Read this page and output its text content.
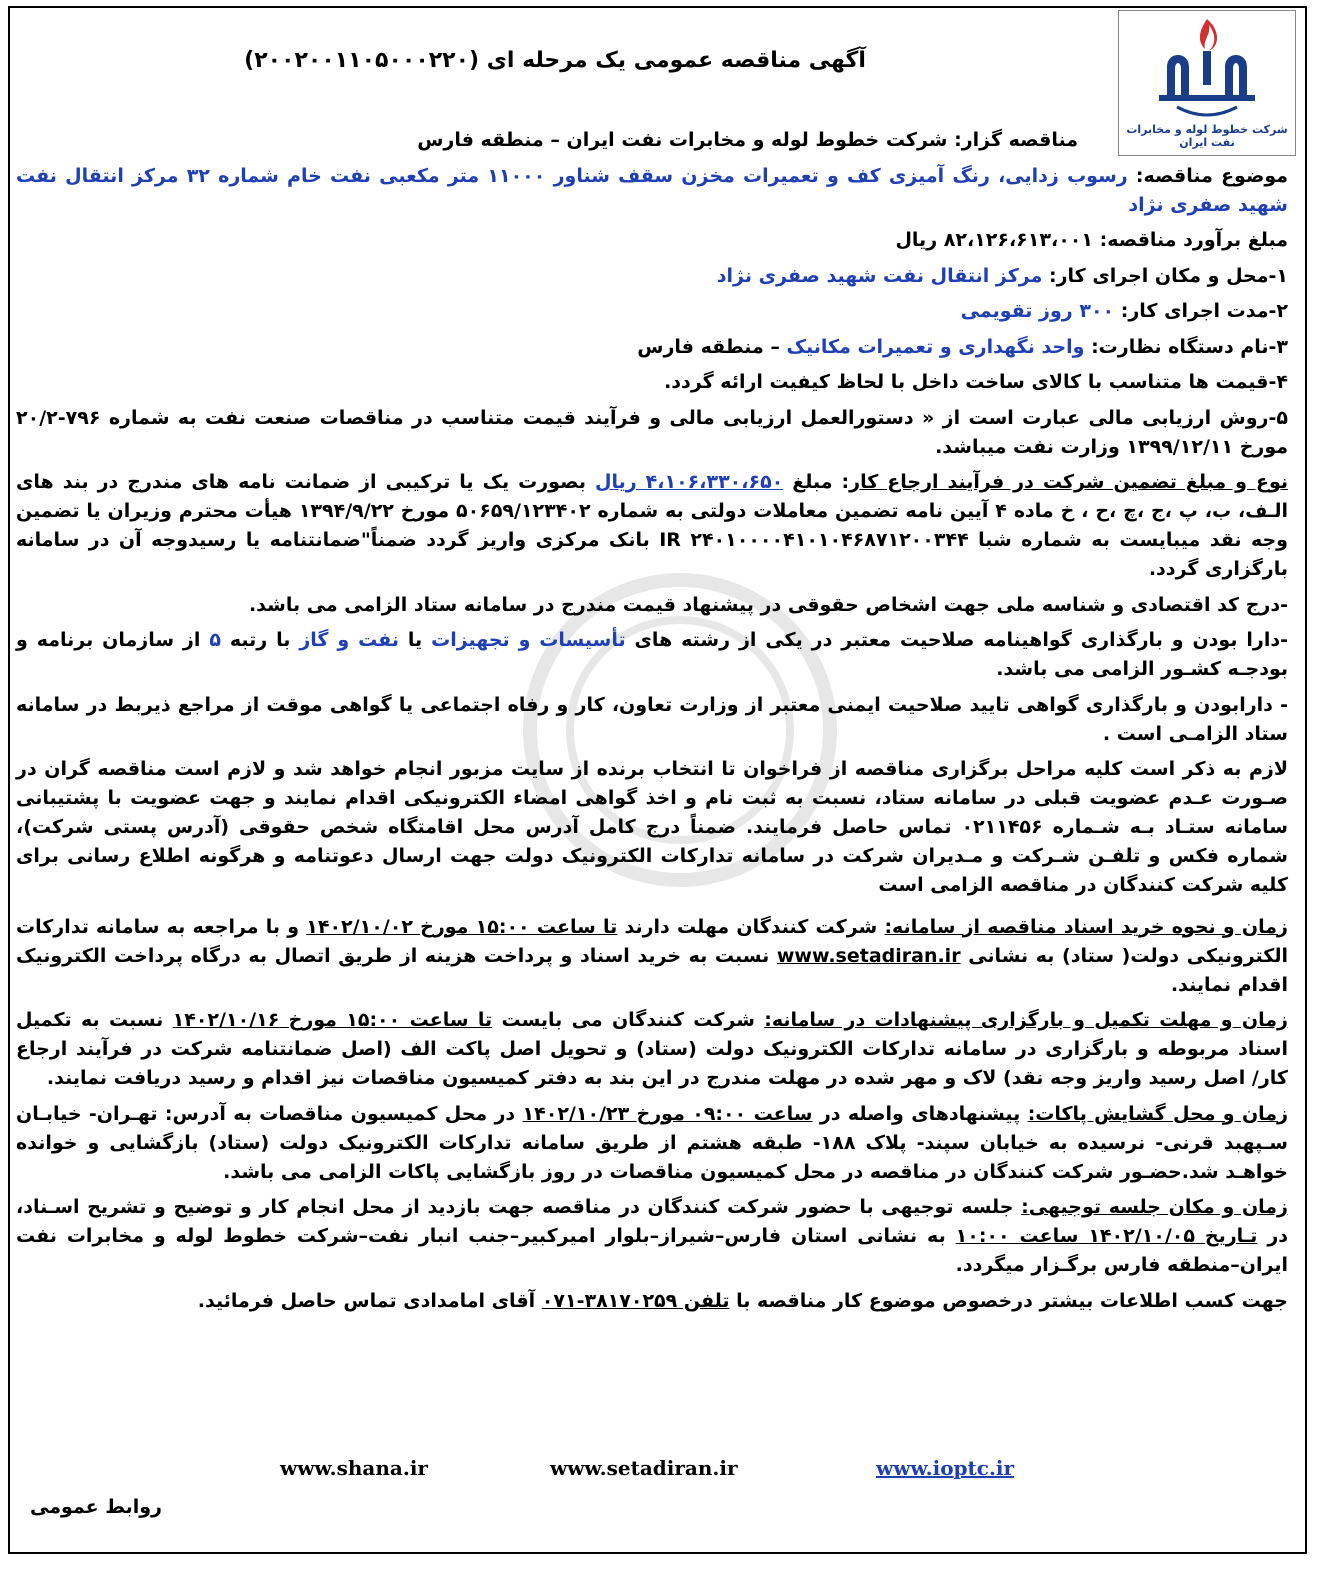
شرکت خطوط لوله و مخابرات نفت ایران
آگهی مناقصه عمومی یک مرحله ای (۲۰۰۲۰۰۱۱۰۵۰۰۰۲۲۰)

مناقصه گزار: شرکت خطوط لوله و مخابرات نفت ایران – منطقه فارس

موضوع مناقصه: رسوب زدایی، رنگ آمیزی کف و تعمیرات مخزن سقف شناور ۱۱۰۰۰ متر مکعبی نفت خام شماره ۳۲ مرکز انتقال نفت شهید صفری نژاد

مبلغ برآورد مناقصه: ۸۲،۱۲۶،۶۱۳،۰۰۱ ریال

۱-محل و مکان اجرای کار: مرکز انتقال نفت شهید صفری نژاد

۲-مدت اجرای کار: ۳۰۰ روز تقویمی

۳-نام دستگاه نظارت: واحد نگهداری و تعمیرات مکانیک – منطقه فارس

۴-قیمت ها متناسب با کالای ساخت داخل با لحاظ کیفیت ارائه گردد.

۵-روش ارزیابی مالی عبارت است از « دستورالعمل ارزیابی مالی و فرآیند قیمت متناسب در مناقصات صنعت نفت به شماره ۷۹۶-۲۰/۲ مورخ ۱۳۹۹/۱۲/۱۱ وزارت نفت میباشد.

نوع و مبلغ تضمین شرکت در فرآیند ارجاع کار: مبلغ ۴،۱۰۶،۳۳۰،۶۵۰ ریال بصورت یک یا ترکیبی از ضمانت نامه های مندرج در بند های الـف، ب، پ ،ج ،چ ،ح ، خ ماده ۴ آیین نامه تضمین معاملات دولتی به شماره ۵۰۶۵۹/۱۲۳۴۰۲ مورخ ۱۳۹۴/۹/۲۲ هیأت محترم وزیران یا تضمین وجه نقد میبایست به شماره شبا IR ۲۴۰۱۰۰۰۰۴۱۰۱۰۴۶۸۷۱۲۰۰۳۴۴ بانک مرکزی واریز گردد ضمناً"ضمانتنامه یا رسیدوجه آن در سامانه بارگزاری گردد.

-درج کد اقتصادی و شناسه ملی جهت اشخاص حقوقی در پیشنهاد قیمت مندرج در سامانه ستاد الزامی می باشد.

-دارا بودن و بارگذاری گواهینامه صلاحیت معتبر در یکی از رشته های تأسیسات و تجهیزات یا نفت و گاز با رتبه ۵ از سازمان برنامه و بودجـه کشـور الزامی می باشد.

- دارابودن و بارگذاری گواهی تایید صلاحیت ایمنی معتبر از وزارت تعاون، کار و رفاه اجتماعی یا گواهی موقت از مراجع ذیربط در سامانه ستاد الزامـی است .

لازم به ذکر است کلیه مراحل برگزاری مناقصه از فراخوان تا انتخاب برنده از سایت مزبور انجام خواهد شد و لازم است مناقصه گران در صـورت عـدم عضویت قبلی در سامانه ستاد، نسبت به ثبت نام و اخذ گواهی امضاء الکترونیکی اقدام نمایند و جهت عضویت با پشتیبانی سامانه ستـاد بـه شـماره ۰۲۱۱۴۵۶ تماس حاصل فرمایند. ضمناً درج کامل آدرس محل اقامتگاه شخص حقوقی (آدرس پستی شرکت)، شماره فکس و تلفـن شـرکت و مـدیران شرکت در سامانه تدارکات الکترونیک دولت جهت ارسال دعوتنامه و هرگونه اطلاع رسانی برای کلیه شرکت کنندگان در مناقصه الزامی است

زمان و نحوه خرید اسناد مناقصه از سامانه: شرکت کنندگان مهلت دارند تا ساعت ۱۵:۰۰ مورخ ۱۴۰۲/۱۰/۰۲ و با مراجعه به سامانه تدارکات الکترونیکی دولت( ستاد) به نشانی www.setadiran.ir نسبت به خرید اسناد و پرداخت هزینه از طریق اتصال به درگاه پرداخت الکترونیک اقدام نمایند.

زمان و مهلت تکمیل و بارگزاری پیشنهادات در سامانه: شرکت کنندگان می بایست تا ساعت ۱۵:۰۰ مورخ ۱۴۰۲/۱۰/۱۶ نسبت به تکمیل اسناد مربوطه و بارگزاری در سامانه تدارکات الکترونیک دولت (ستاد) و تحویل اصل پاکت الف (اصل ضمانتنامه شرکت در فرآیند ارجاع کار/ اصل رسید واریز وجه نقد) لاک و مهر شده در مهلت مندرج در این بند به دفتر کمیسیون مناقصات نیز اقدام و رسید دریافت نمایند.

زمان و محل گشایش پاکات: پیشنهادهای واصله در ساعت ۰۹:۰۰ مورخ ۱۴۰۲/۱۰/۲۳ در محل کمیسیون مناقصات به آدرس: تهـران- خیابـان سـپهبد قرنی- نرسیده به خیابان سپند- پلاک ۱۸۸- طبقه هشتم از طریق سامانه تدارکات الکترونیک دولت (ستاد) بازگشایی و خوانده خواهـد شد.حضـور شرکت کنندگان در مناقصه در محل کمیسیون مناقصات در روز بازگشایی پاکات الزامی می باشد.

زمان و مکان جلسه توجیهی: جلسه توجیهی با حضور شرکت کنندگان در مناقصه جهت بازدید از محل انجام کار و توضیح و تشریح اسـناد، در تـاریخ ۱۴۰۲/۱۰/۰۵ ساعت ۱۰:۰۰ به نشانی استان فارس–شیراز–بلوار امیرکبیر–جنب انبار نفت–شرکت خطوط لوله و مخابرات نفت ایران–منطقه فارس برگـزار میگردد.

جهت کسب اطلاعات بیشتر درخصوص موضوع کار مناقصه با تلفن ۳۸۱۷۰۲۵۹-۰۷۱ آقای امامدادی تماس حاصل فرمائید.

www.shana.ir	www.setadiran.ir	www.ioptc.ir
روابط عمومی
